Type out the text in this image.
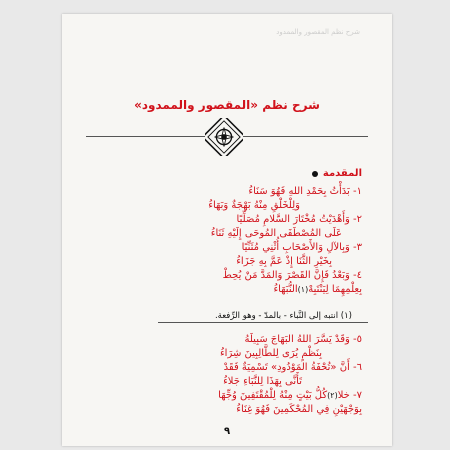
شرح نظم المقصور والممدود
شرح نظم «المقصور والممدود»
المقدمة
١- بَدَأْتُ بِحَمْدِ اللهِ فَهُوَ سَنَاءُ
وَلِلْخَلْقِ مِنْهُ بَهْجَةٌ وَبَهَاءُ
٢- وَأَهْدَيْتُ مُخْتَارَ السَّلامِ مُصَلِّيًا
عَلَى المُصْطَفَى المُوحَى إِلَيْهِ ثَنَاءُ
٣- وَبِالآلِ وَالأَصْحَابِ أُثْنِي مُثَنِّيًا
بِخَيْرِ الثَّنَا إِذْ عَمَّ بِهِ جَزَاءُ
٤- وَبَعْدُ فَإِنَّ القَصْرَ وَالمَدَّ مَنْ يُحِطْ
بِعِلْمِهِمَا لِيَنْتَبِهْ(١)النُّبَهَاءُ
(١) انتبه إلى النَّباء - بالمدّ - وهو الرِّفعة.
٥- وَقَدْ يَسَّرَ اللهُ البَهَاجَ سَبِيلَهُ
بِنَظْمٍ يُرَى لِلطَّالِبِينَ شِرَاءُ
٦- أَنَّ «تُحْفَةُ المَوْدُودِ» تَسْمِيَةٌ فَقَدْ
تَأَنَّى بِهَذَا لِلنَّبَاءِ جَلاءُ
٧- خلا(٢)كُلُّ بَيْتٍ مِنْهُ لِلْمُقْتَفِينَ وُجِّهَا
بِوَجْهَيْنِ فِي المُحْكَمِينَ فَهُوَ غِنَاءُ
٩
